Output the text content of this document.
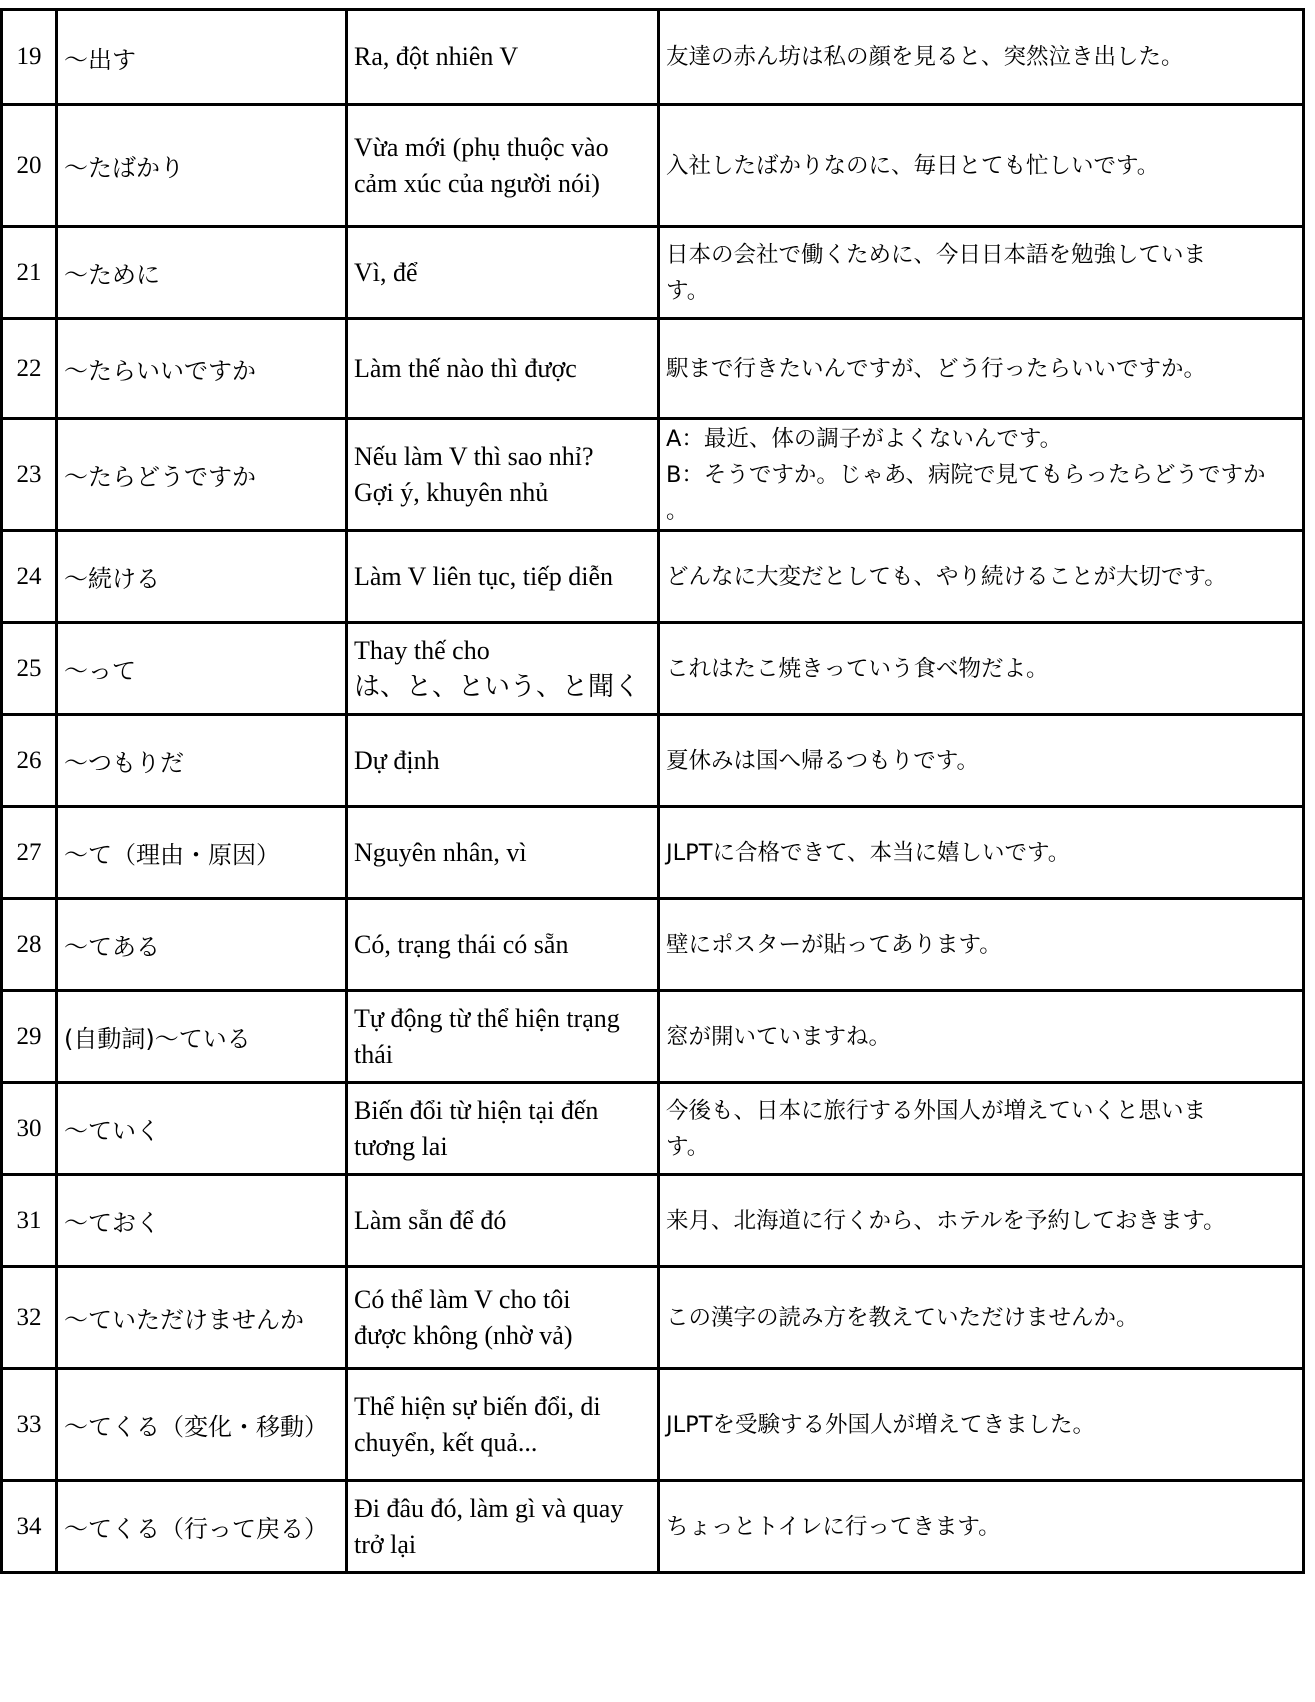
19	～出す	Ra, đột nhiên V	友達の赤ん坊は私の顔を見ると、突然泣き出した。
20	～たばかり	Vừa mới (phụ thuộc vào
cảm xúc của người nói)	入社したばかりなのに、毎日とても忙しいです。
21	～ために	Vì, để	日本の会社で働くために、今日日本語を勉強していま
す。
22	～たらいいですか	Làm thế nào thì được	駅まで行きたいんですが、どう行ったらいいですか。
23	～たらどうですか	Nếu làm V thì sao nhỉ?
Gợi ý, khuyên nhủ	A：最近、体の調子がよくないんです。
B：そうですか。じゃあ、病院で見てもらったらどうですか
。
24	～続ける	Làm V liên tục, tiếp diễn	どんなに大変だとしても、やり続けることが大切です。
25	～って	Thay thế cho
は、と、という、と聞く	これはたこ焼きっていう食べ物だよ。
26	～つもりだ	Dự định	夏休みは国へ帰るつもりです。
27	～て（理由・原因）	Nguyên nhân, vì	JLPTに合格できて、本当に嬉しいです。
28	～てある	Có, trạng thái có sẵn	壁にポスターが貼ってあります。
29	(自動詞)～ている	Tự động từ thể hiện trạng
thái	窓が開いていますね。
30	～ていく	Biến đổi từ hiện tại đến
tương lai	今後も、日本に旅行する外国人が増えていくと思いま
す。
31	～ておく	Làm sẵn để đó	来月、北海道に行くから、ホテルを予約しておきます。
32	～ていただけませんか	Có thể làm V cho tôi
được không (nhờ vả)	この漢字の読み方を教えていただけませんか。
33	～てくる（変化・移動）	Thể hiện sự biến đổi, di
chuyển, kết quả...	JLPTを受験する外国人が増えてきました。
34	～てくる（行って戻る）	Đi đâu đó, làm gì và quay
trở lại	ちょっとトイレに行ってきます。
